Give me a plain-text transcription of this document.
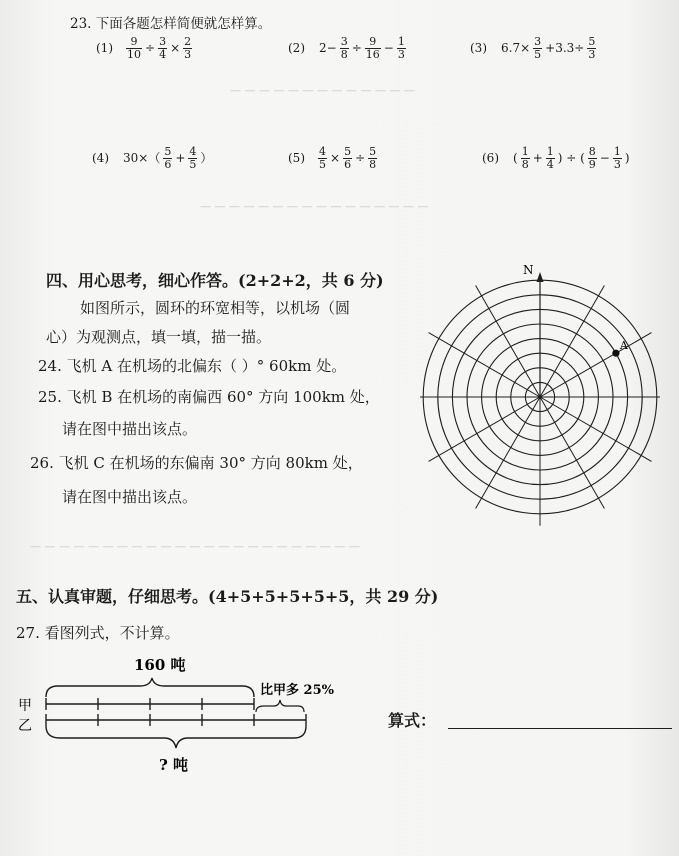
— — — — — — — — — — — — —
— — — — — — — — — — — — — — — —
— — — — — — — — — — — — — — — — — — — — — — —
23. 下面各题怎样简便就怎样算。
$(1) \frac{9}{10} \div \frac{3}{4} \times \frac{2}{3}$	(2) $2- \frac{3}{8} \div \frac{9}{16} - \frac{1}{3}$	(3) $6.7\times \frac{3}{5} +3.3\div \frac{5}{3}$
(4) $30\times( \frac{5}{6} + \frac{4}{5}$ ）	$(5) \frac{4}{5} \times \frac{5}{6} \div \frac{5}{8}$	(6) ( $\frac{1}{8} + \frac{1}{4}$ ) ÷ ( $\frac{8}{9} - \frac{1}{3}$ )
四、用心思考，细心作答。(2+2+2，共 6 分)
如图所示，圆环的环宽相等，以机场（圆
心）为观测点，填一填，描一描。
24. 飞机 A 在机场的北偏东（ ）° 60km 处。
25. 飞机 B 在机场的南偏西 60° 方向 100km 处，
请在图中描出该点。
26. 飞机 C 在机场的东偏南 30° 方向 80km 处，
请在图中描出该点。
N
A
五、认真审题，仔细思考。(4+5+5+5+5+5，共 29 分)
27. 看图列式，不计算。
160 吨
甲
乙
比甲多 25%
? 吨
算式：
